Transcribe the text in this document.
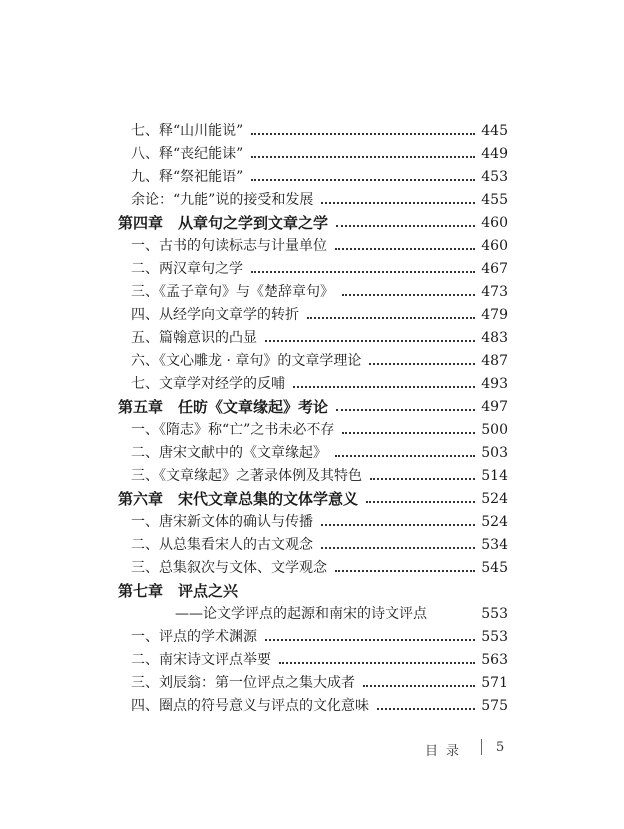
七、释“山川能说”	445
八、释“丧纪能诔”	449
九、释“祭祀能语”	453
余论：“九能”说的接受和发展	455
第四章　从章句之学到文章之学	460
一、古书的句读标志与计量单位	460
二、两汉章句之学	467
三、《孟子章句》与《楚辞章句》	473
四、从经学向文章学的转折	479
五、篇翰意识的凸显	483
六、《文心雕龙 · 章句》的文章学理论	487
七、文章学对经学的反哺	493
第五章　任昉《文章缘起》考论	497
一、《隋志》称“亡”之书未必不存	500
二、唐宋文献中的《文章缘起》	503
三、《文章缘起》之著录体例及其特色	514
第六章　宋代文章总集的文体学意义	524
一、唐宋新文体的确认与传播	524
二、从总集看宋人的古文观念	534
三、总集叙次与文体、文学观念	545
第七章　评点之兴
——论文学评点的起源和南宋的诗文评点	553
一、评点的学术渊源	553
二、南宋诗文评点举要	563
三、刘辰翁：第一位评点之集大成者	571
四、圈点的符号意义与评点的文化意味	575
目录 5
